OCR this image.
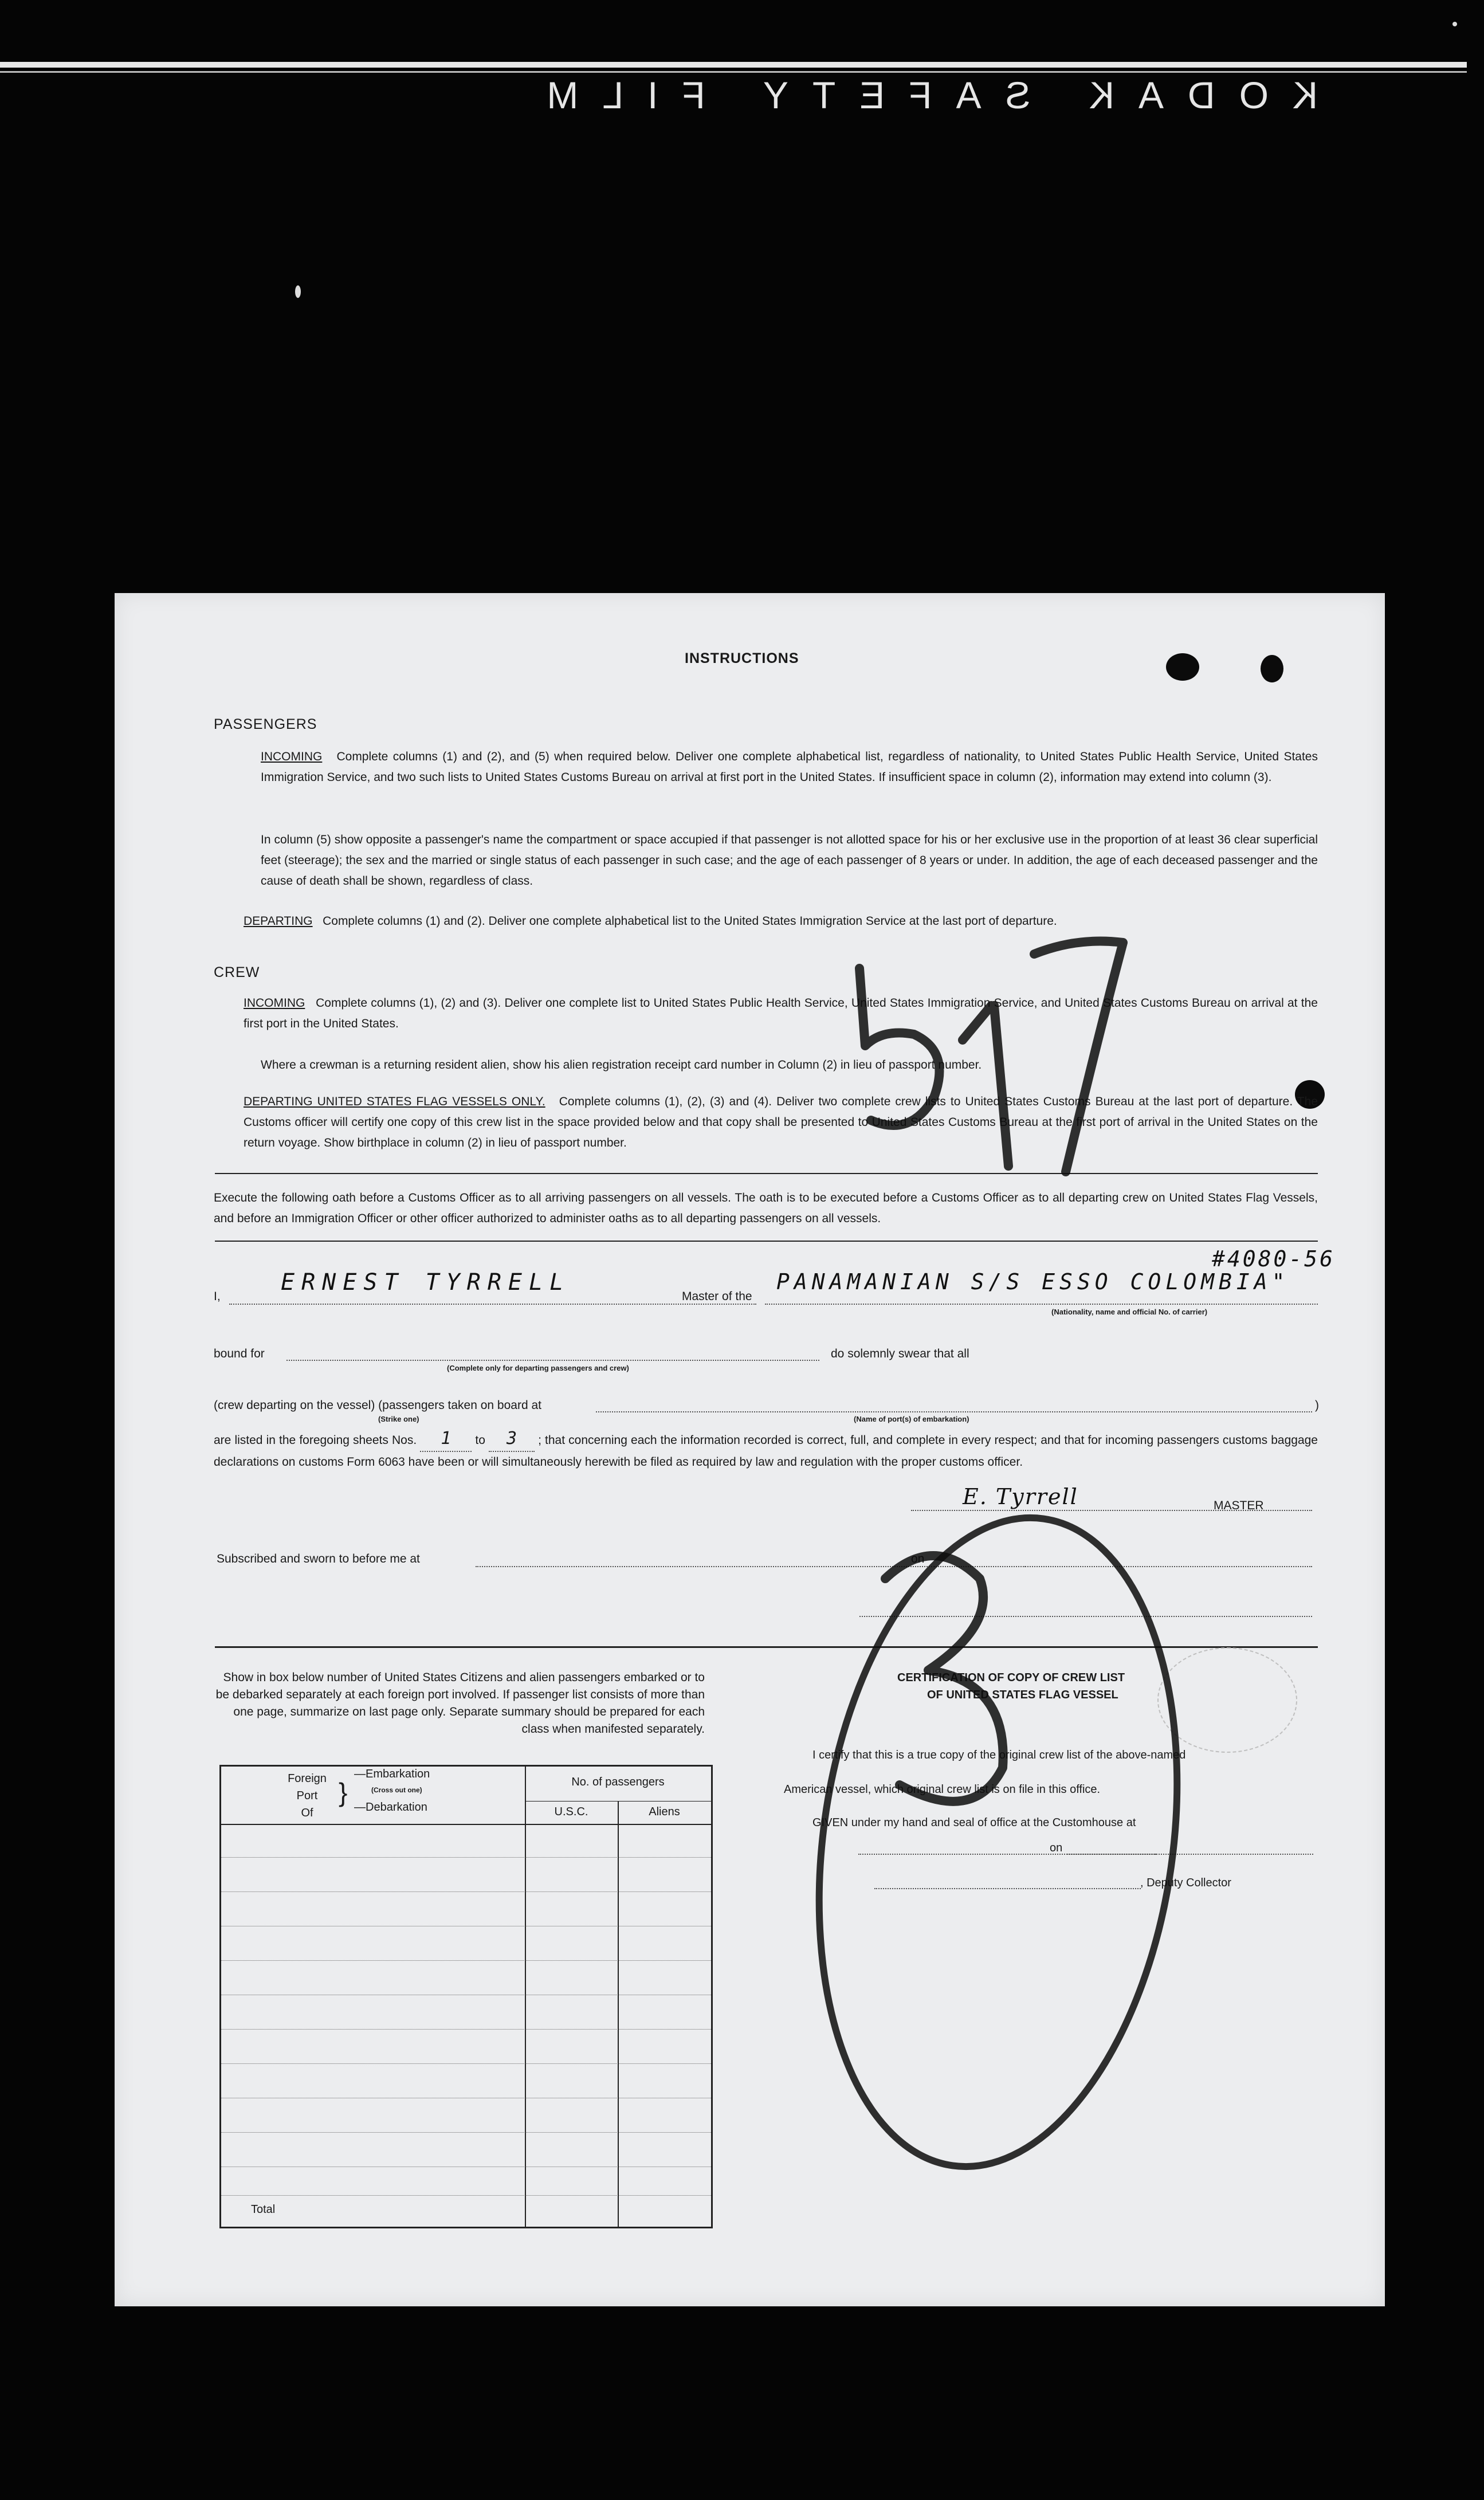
KODAK SAFETY FILM
INSTRUCTIONS
PASSENGERS
INCOMING Complete columns (1) and (2), and (5) when required below. Deliver one complete alphabetical list, regardless of nationality, to United States Public Health Service, United States Immigration Service, and two such lists to United States Customs Bureau on arrival at first port in the United States. If insufficient space in column (2), information may extend into column (3).
In column (5) show opposite a passenger's name the compartment or space accupied if that passenger is not allotted space for his or her exclusive use in the proportion of at least 36 clear superficial feet (steerage); the sex and the married or single status of each passenger in such case; and the age of each passenger of 8 years or under. In addition, the age of each deceased passenger and the cause of death shall be shown, regardless of class.
DEPARTING Complete columns (1) and (2). Deliver one complete alphabetical list to the United States Immigration Service at the last port of departure.
CREW
INCOMING Complete columns (1), (2) and (3). Deliver one complete list to United States Public Health Service, United States Immigration Service, and United States Customs Bureau on arrival at the first port in the United States.
Where a crewman is a returning resident alien, show his alien registration receipt card number in Column (2) in lieu of passport number.
DEPARTING UNITED STATES FLAG VESSELS ONLY. Complete columns (1), (2), (3) and (4). Deliver two complete crew lists to United States Customs Bureau at the last port of departure. The Customs officer will certify one copy of this crew list in the space provided below and that copy shall be presented to United States Customs Bureau at the first port of arrival in the United States on the return voyage. Show birthplace in column (2) in lieu of passport number.
Execute the following oath before a Customs Officer as to all arriving passengers on all vessels. The oath is to be executed before a Customs Officer as to all departing crew on United States Flag Vessels, and before an Immigration Officer or other officer authorized to administer oaths as to all departing passengers on all vessels.
I,
ERNEST TYRRELL
Master of the
PANAMANIAN S/S ESSO COLOMBIA"
(Nationality, name and official No. of carrier)
#4080-56
bound for
(Complete only for departing passengers and crew)
do solemnly swear that all
(crew departing on the vessel) (passengers taken on board at
(Strike one)
)
(Name of port(s) of embarkation)
are listed in the foregoing sheets Nos. 1 to 3 ; that concerning each the information recorded is correct, full, and complete in every respect; and that for incoming passengers customs baggage declarations on customs Form 6063 have been or will simultaneously herewith be filed as required by law and regulation with the proper customs officer.
E. Tyrrell	MASTER
Subscribed and sworn to before me at	on
Show in box below number of United States Citizens and alien passengers embarked or to be debarked separately at each foreign port involved. If passenger list consists of more than one page, summarize on last page only. Separate summary should be prepared for each class when manifested separately.
Foreign
Port
Of
}
—Embarkation
(Cross out one)
—Debarkation
No. of passengers
U.S.C.	Aliens
Total
CERTIFICATION OF COPY OF CREW LIST
OF UNITED STATES FLAG VESSEL
I certify that this is a true copy of the original crew list of the above-named
American vessel, which original crew list is on file in this office.
GIVEN under my hand and seal of office at the Customhouse at
on
, Deputy Collector
